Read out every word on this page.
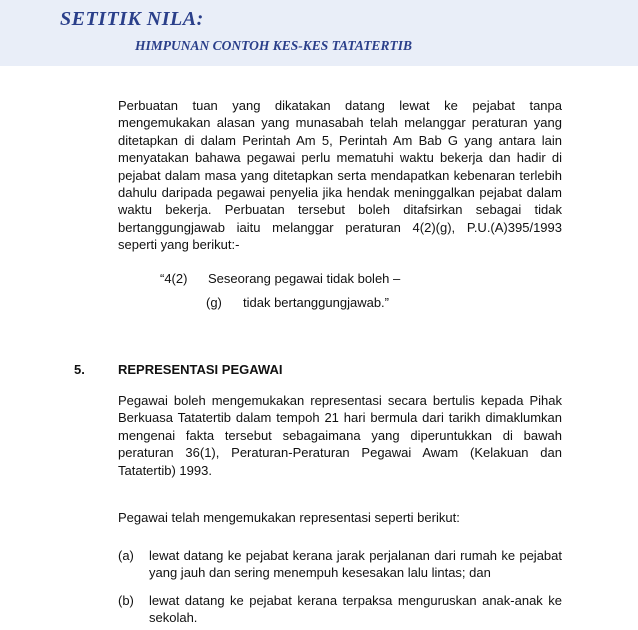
SETITIK NILA:
HIMPUNAN CONTOH KES-KES TATATERTIB

Perbuatan tuan yang dikatakan datang lewat ke pejabat tanpa mengemukakan alasan yang munasabah telah melanggar peraturan yang ditetapkan di dalam Perintah Am 5, Perintah Am Bab G yang antara lain menyatakan bahawa pegawai perlu mematuhi waktu bekerja dan hadir di pejabat dalam masa yang ditetapkan serta mendapatkan kebenaran terlebih dahulu daripada pegawai penyelia jika hendak meninggalkan pejabat dalam waktu bekerja. Perbuatan tersebut boleh ditafsirkan sebagai tidak bertanggungjawab iaitu melanggar peraturan 4(2)(g), P.U.(A)395/1993 seperti yang berikut:-

“4(2) Seseorang pegawai tidak boleh –
(g) tidak bertanggungjawab.”
5.	REPRESENTASI PEGAWAI

Pegawai boleh mengemukakan representasi secara bertulis kepada Pihak Berkuasa Tatatertib dalam tempoh 21 hari bermula dari tarikh dimaklumkan mengenai fakta tersebut sebagaimana yang diperuntukkan di bawah peraturan 36(1), Peraturan-Peraturan Pegawai Awam (Kelakuan dan Tatatertib) 1993.

Pegawai telah mengemukakan representasi seperti berikut:
(a) lewat datang ke pejabat kerana jarak perjalanan dari rumah ke pejabat yang jauh dan sering menempuh kesesakan lalu lintas; dan

(b) lewat datang ke pejabat kerana terpaksa menguruskan anak-anak ke sekolah.
